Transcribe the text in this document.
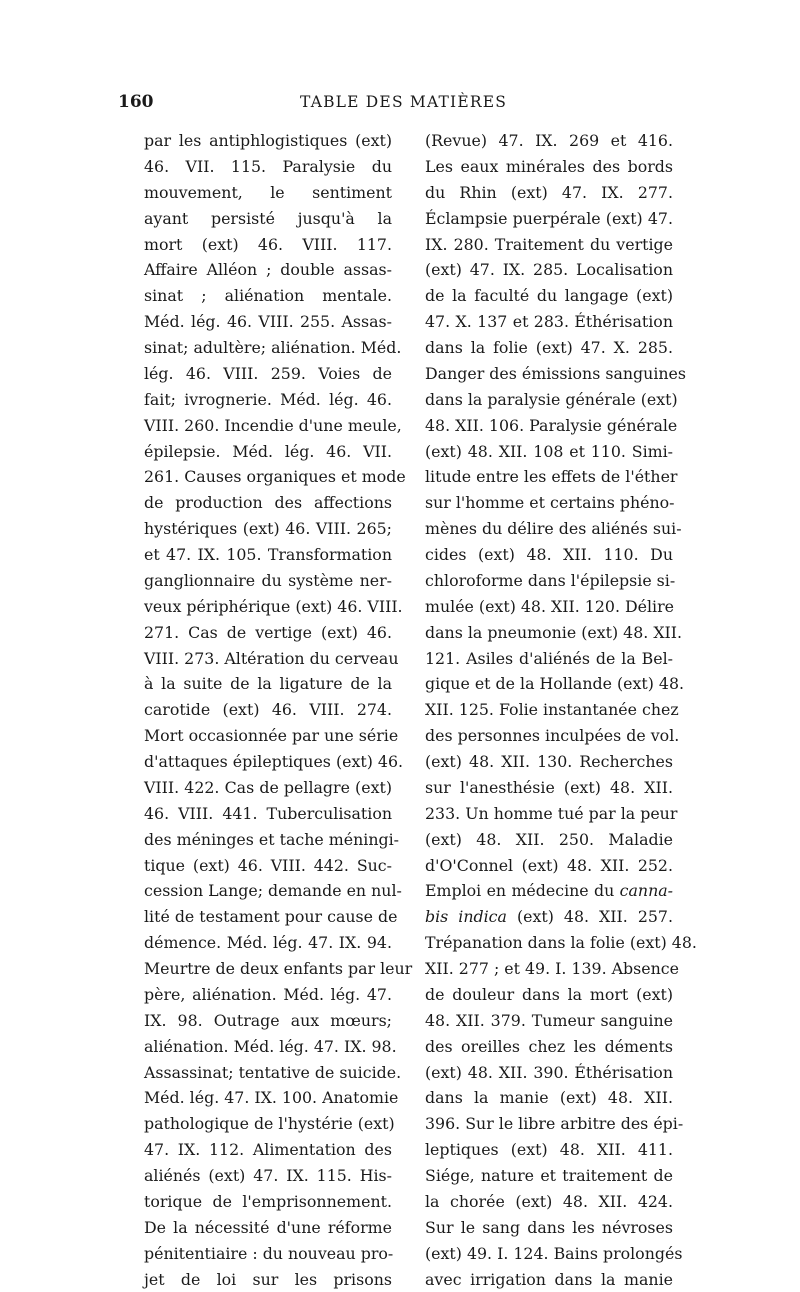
160	TABLE DES MATIÈRES
par les antiphlogistiques (ext)
46. VII. 115. Paralysie du
mouvement, le sentiment
ayant persisté jusqu'à la
mort (ext) 46. VIII. 117.
Affaire Alléon ; double assas-
sinat ; aliénation mentale.
Méd. lég. 46. VIII. 255. Assas-
sinat; adultère; aliénation. Méd.
lég. 46. VIII. 259. Voies de
fait; ivrognerie. Méd. lég. 46.
VIII. 260. Incendie d'une meule,
épilepsie. Méd. lég. 46. VII.
261. Causes organiques et mode
de production des affections
hystériques (ext) 46. VIII. 265;
et 47. IX. 105. Transformation
ganglionnaire du système ner-
veux périphérique (ext) 46. VIII.
271. Cas de vertige (ext) 46.
VIII. 273. Altération du cerveau
à la suite de la ligature de la
carotide (ext) 46. VIII. 274.
Mort occasionnée par une série
d'attaques épileptiques (ext) 46.
VIII. 422. Cas de pellagre (ext)
46. VIII. 441. Tuberculisation
des méninges et tache méningi-
tique (ext) 46. VIII. 442. Suc-
cession Lange; demande en nul-
lité de testament pour cause de
démence. Méd. lég. 47. IX. 94.
Meurtre de deux enfants par leur
père, aliénation. Méd. lég. 47.
IX. 98. Outrage aux mœurs;
aliénation. Méd. lég. 47. IX. 98.
Assassinat; tentative de suicide.
Méd. lég. 47. IX. 100. Anatomie
pathologique de l'hystérie (ext)
47. IX. 112. Alimentation des
aliénés (ext) 47. IX. 115. His-
torique de l'emprisonnement.
De la nécessité d'une réforme
pénitentiaire : du nouveau pro-
jet de loi sur les prisons
(Revue) 47. IX. 269 et 416.
Les eaux minérales des bords
du Rhin (ext) 47. IX. 277.
Éclampsie puerpérale (ext) 47.
IX. 280. Traitement du vertige
(ext) 47. IX. 285. Localisation
de la faculté du langage (ext)
47. X. 137 et 283. Éthérisation
dans la folie (ext) 47. X. 285.
Danger des émissions sanguines
dans la paralysie générale (ext)
48. XII. 106. Paralysie générale
(ext) 48. XII. 108 et 110. Simi-
litude entre les effets de l'éther
sur l'homme et certains phéno-
mènes du délire des aliénés sui-
cides (ext) 48. XII. 110. Du
chloroforme dans l'épilepsie si-
mulée (ext) 48. XII. 120. Délire
dans la pneumonie (ext) 48. XII.
121. Asiles d'aliénés de la Bel-
gique et de la Hollande (ext) 48.
XII. 125. Folie instantanée chez
des personnes inculpées de vol.
(ext) 48. XII. 130. Recherches
sur l'anesthésie (ext) 48. XII.
233. Un homme tué par la peur
(ext) 48. XII. 250. Maladie
d'O'Connel (ext) 48. XII. 252.
Emploi en médecine du canna-
bis indica (ext) 48. XII. 257.
Trépanation dans la folie (ext) 48.
XII. 277 ; et 49. I. 139. Absence
de douleur dans la mort (ext)
48. XII. 379. Tumeur sanguine
des oreilles chez les déments
(ext) 48. XII. 390. Éthérisation
dans la manie (ext) 48. XII.
396. Sur le libre arbitre des épi-
leptiques (ext) 48. XII. 411.
Siége, nature et traitement de
la chorée (ext) 48. XII. 424.
Sur le sang dans les névroses
(ext) 49. I. 124. Bains prolongés
avec irrigation dans la manie
